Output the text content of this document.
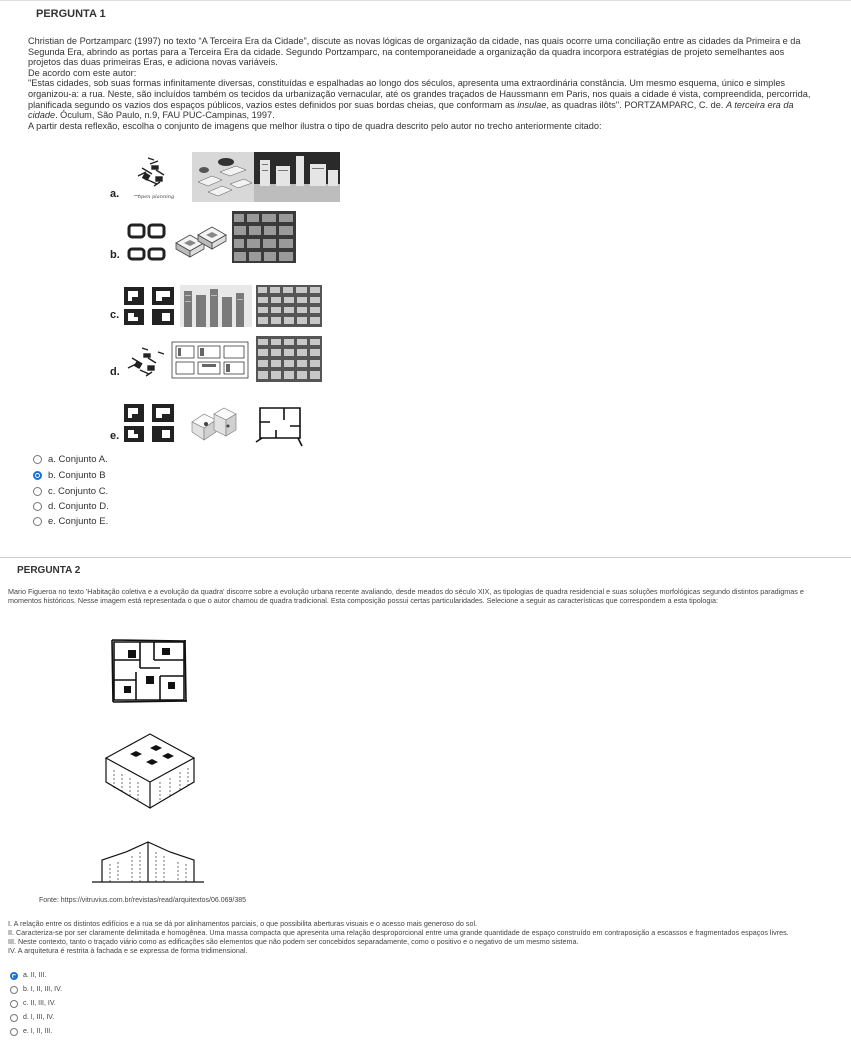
PERGUNTA 1

Christian de Portzamparc (1997) no texto “A Terceira Era da Cidade”, discute as novas lógicas de organização da cidade, nas quais ocorre uma conciliação entre as cidades da Primeira e da Segunda Era, abrindo as portas para a Terceira Era da cidade. Segundo Portzamparc, na contemporaneidade a organização da quadra incorpora estratégias de projeto semelhantes aos projetos das duas primeiras Eras, e adiciona novas variáveis.

De acordo com este autor:

"Estas cidades, sob suas formas infinitamente diversas, constituídas e espalhadas ao longo dos séculos, apresenta uma extraordinária constância. Um mesmo esquema, único e simples organizou-a: a rua. Neste, são incluídos também os tecidos da urbanização vernacular, até os grandes traçados de Haussmann em Paris, nos quais a cidade é vista, compreendida, percorrida, planificada segundo os vazios dos espaços públicos, vazios estes definidos por suas bordas cheias, que conformam as insulae, as quadras ilôts". PORTZAMPARC, C. de. A terceira era da cidade. Óculum, São Paulo, n.9, FAU PUC-Campinas, 1997.

A partir desta reflexão, escolha o conjunto de imagens que melhor ilustra o tipo de quadra descrito pelo autor no trecho anteriormente citado:

a.	open planning
b.
c.
d.
e.
a. Conjunto A.
b. Conjunto B
c. Conjunto C.
d. Conjunto D.
e. Conjunto E.
PERGUNTA 2

Mario Figueroa no texto 'Habitação coletiva e a evolução da quadra' discorre sobre a evolução urbana recente avaliando, desde meados do século XIX, as tipologias de quadra residencial e suas soluções morfológicas segundo distintos paradigmas e momentos históricos. Nesse imagem está representada o que o autor chamou de quadra tradicional. Esta composição possui certas particularidades. Selecione a seguir as características que correspondem a esta tipologia:

Fonte: https://vitruvius.com.br/revistas/read/arquitextos/06.069/385

I. A relação entre os distintos edifícios e a rua se dá por alinhamentos parciais, o que possibilita aberturas visuais e o acesso mais generoso do sol.

II. Caracteriza-se por ser claramente delimitada e homogênea. Uma massa compacta que apresenta uma relação desproporcional entre uma grande quantidade de espaço construído em contraposição a escassos e fragmentados espaços livres.

III. Neste contexto, tanto o traçado viário como as edificações são elementos que não podem ser concebidos separadamente, como o positivo e o negativo de um mesmo sistema.

IV. A arquitetura é restrita à fachada e se expressa de forma tridimensional.

a. II, III.
b. I, II, III, IV.
c. II, III, IV.
d. I, III, IV.
e. I, II, III.
